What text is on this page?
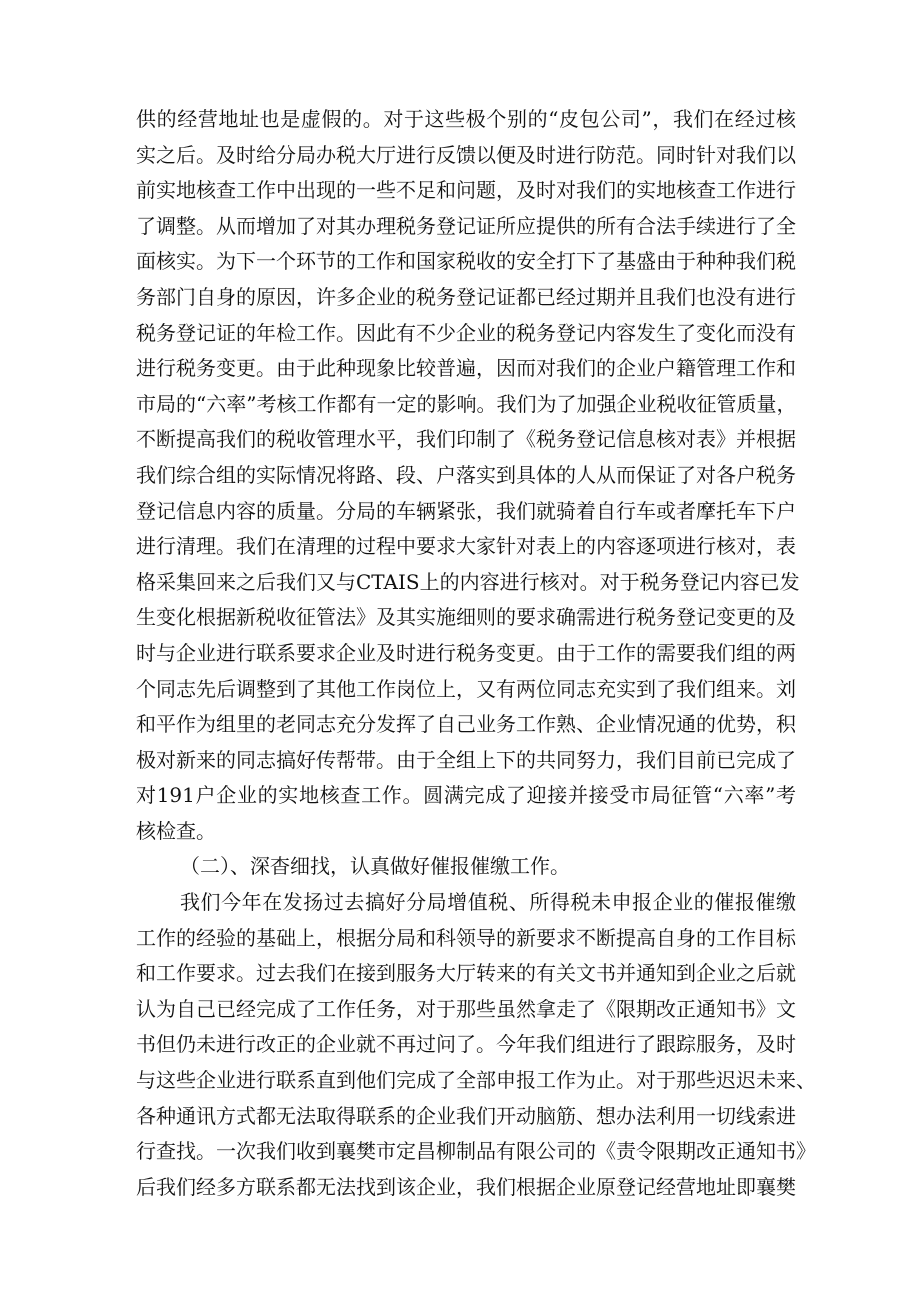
供的经营地址也是虚假的。对于这些极个别的“皮包公司”，我们在经过核
实之后。及时给分局办税大厅进行反馈以便及时进行防范。同时针对我们以
前实地核查工作中出现的一些不足和问题，及时对我们的实地核查工作进行
了调整。从而增加了对其办理税务登记证所应提供的所有合法手续进行了全
面核实。为下一个环节的工作和国家税收的安全打下了基盛由于种种我们税
务部门自身的原因，许多企业的税务登记证都已经过期并且我们也没有进行
税务登记证的年检工作。因此有不少企业的税务登记内容发生了变化而没有
进行税务变更。由于此种现象比较普遍，因而对我们的企业户籍管理工作和
市局的“六率”考核工作都有一定的影响。我们为了加强企业税收征管质量，
不断提高我们的税收管理水平，我们印制了《税务登记信息核对表》并根据
我们综合组的实际情况将路、段、户落实到具体的人从而保证了对各户税务
登记信息内容的质量。分局的车辆紧张，我们就骑着自行车或者摩托车下户
进行清理。我们在清理的过程中要求大家针对表上的内容逐项进行核对，表
格采集回来之后我们又与CTAIS上的内容进行核对。对于税务登记内容已发
生变化根据新税收征管法》及其实施细则的要求确需进行税务登记变更的及
时与企业进行联系要求企业及时进行税务变更。由于工作的需要我们组的两
个同志先后调整到了其他工作岗位上，又有两位同志充实到了我们组来。刘
和平作为组里的老同志充分发挥了自己业务工作熟、企业情况通的优势，积
极对新来的同志搞好传帮带。由于全组上下的共同努力，我们目前已完成了
对191户企业的实地核查工作。圆满完成了迎接并接受市局征管“六率”考
核检查。
（二）、深杳细找，认真做好催报催缴工作。
我们今年在发扬过去搞好分局增值税、所得税未申报企业的催报催缴
工作的经验的基础上，根据分局和科领导的新要求不断提高自身的工作目标
和工作要求。过去我们在接到服务大厅转来的有关文书并通知到企业之后就
认为自己已经完成了工作任务，对于那些虽然拿走了《限期改正通知书》文
书但仍未进行改正的企业就不再过问了。今年我们组进行了跟踪服务，及时
与这些企业进行联系直到他们完成了全部申报工作为止。对于那些迟迟未来、
各种通讯方式都无法取得联系的企业我们开动脑筋、想办法利用一切线索进
行查找。一次我们收到襄樊市定昌柳制品有限公司的《责令限期改正通知书》
后我们经多方联系都无法找到该企业，我们根据企业原登记经营地址即襄樊
